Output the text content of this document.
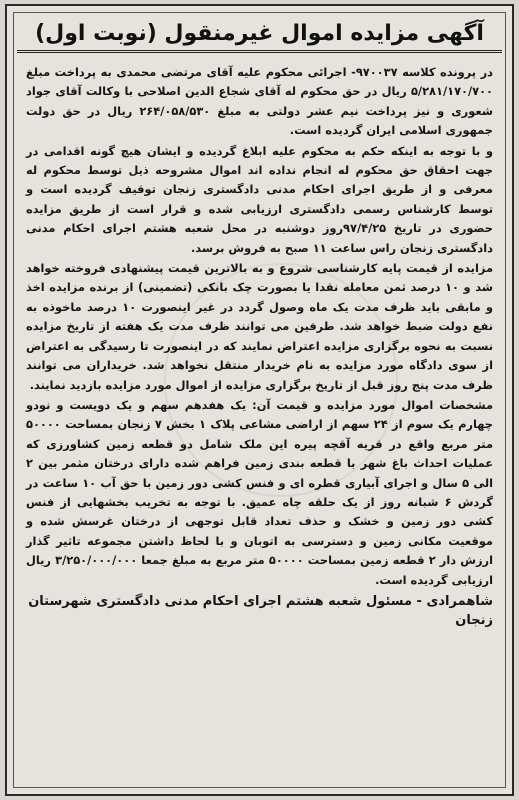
آگهی مزایده اموال غیرمنقول (نوبت اول)

در پرونده کلاسه ۹۷۰۰۳۷- اجرائی محکوم علیه آقای مرتضی محمدی به پرداخت مبلغ ۵/۲۸۱/۱۷۰/۷۰۰ ریال در حق محکوم له آقای شجاع الدین اصلاحی با وکالت آقای جواد شعوری و نیز پرداخت نیم عشر دولتی به مبلغ ۲۶۴/۰۵۸/۵۳۰ ریال در حق دولت جمهوری اسلامی ایران گردیده است.

و با توجه به اینکه حکم به محکوم علیه ابلاغ گردیده و ایشان هیچ گونه اقدامی در جهت احقاق حق محکوم له انجام نداده اند اموال مشروحه ذیل توسط محکوم له معرفی و از طریق اجرای احکام مدنی دادگستری زنجان توقیف گردیده است و توسط کارشناس رسمی دادگستری ارزیابی شده و قرار است از طریق مزایده حضوری در تاریخ ۹۷/۴/۲۵روز دوشنبه در محل شعبه هشتم اجرای احکام مدنی دادگستری زنجان راس ساعت ۱۱ صبح به فروش برسد.

مزایده از قیمت پایه کارشناسی شروع و به بالاترین قیمت پیشنهادی فروخته خواهد شد و ۱۰ درصد ثمن معامله نقدا یا بصورت چک بانکی (تضمینی) از برنده مزایده اخذ و مابقی باید ظرف مدت یک ماه وصول گردد در غیر اینصورت ۱۰ درصد ماخوذه به نفع دولت ضبط خواهد شد. طرفین می توانند ظرف مدت یک هفته از تاریخ مزایده نسبت به نحوه برگزاری مزایده اعتراض نمایند که در اینصورت تا رسیدگی به اعتراض از سوی دادگاه مورد مزایده به نام خریدار منتقل نخواهد شد. خریداران می توانند ظرف مدت پنج روز قبل از تاریخ برگزاری مزایده از اموال مورد مزایده بازدید نمایند.

مشخصات اموال مورد مزایده و قیمت آن: یک هفدهم سهم و یک دویست و نودو چهارم یک سوم از ۲۴ سهم از اراضی مشاعی پلاک ۱ بخش ۷ زنجان بمساحت ۵۰۰۰۰ متر مربع واقع در قریه آقچه پیره این ملک شامل دو قطعه زمین کشاورزی که عملیات احداث باغ شهر با قطعه بندی زمین فراهم شده دارای درختان مثمر بین ۲ الی ۵ سال و اجرای آبیاری قطره ای و فنس کشی دور زمین با حق آب ۱۰ ساعت در گردش ۶ شبانه روز از یک حلقه چاه عمیق. با توجه به تخریب بخشهایی از فنس کشی دور زمین و خشک و حذف تعداد قابل توجهی از درختان غرسش شده و موقعیت مکانی زمین و دسترسی به اتوبان و با لحاظ داشتن مجموعه تاثیر گذار ارزش دار ۲ قطعه زمین بمساحت ۵۰۰۰۰ متر مربع به مبلغ جمعا ۳/۲۵۰/۰۰۰/۰۰۰ ریال ارزیابی گردیده است.

شاهمرادی - مسئول شعبه هشتم اجرای احکام مدنی دادگستری شهرستان زنجان
